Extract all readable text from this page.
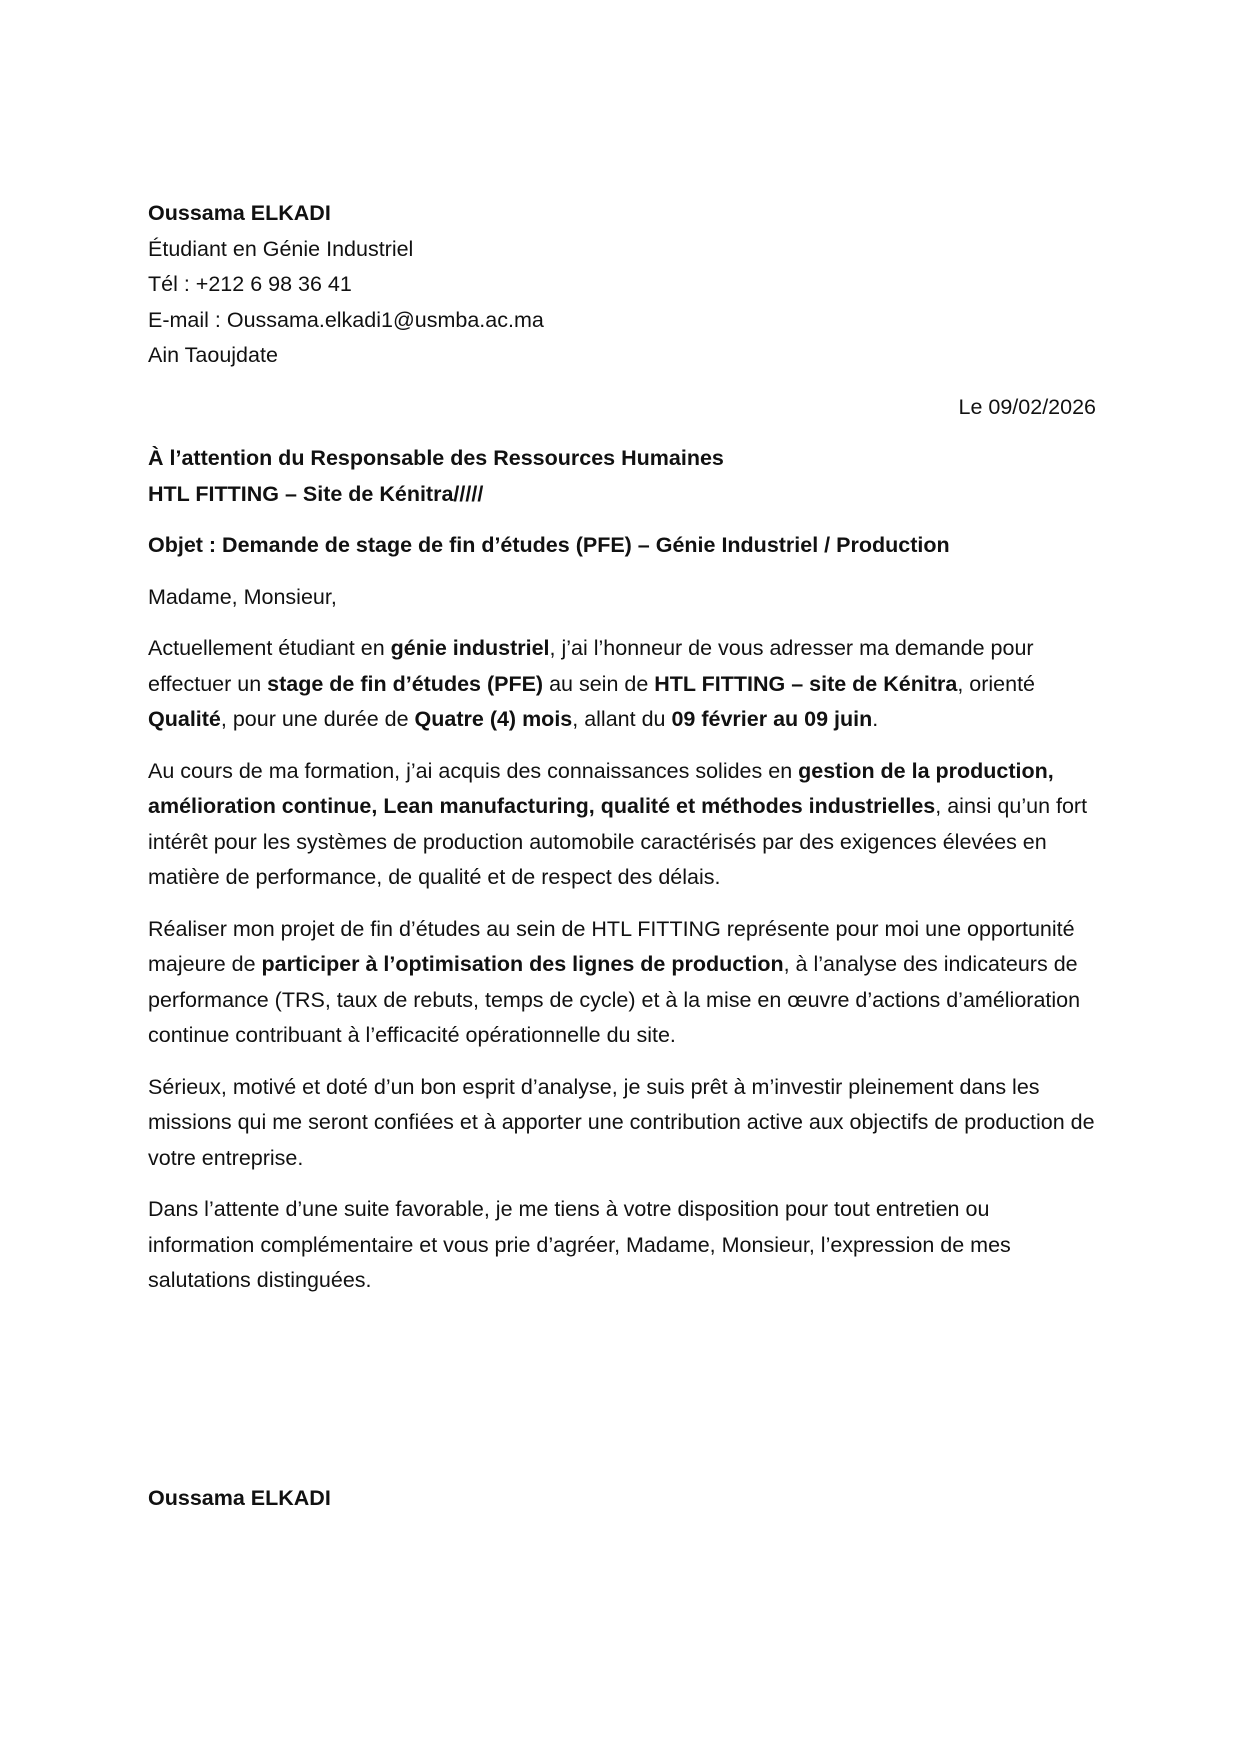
Oussama ELKADI
Étudiant en Génie Industriel
Tél : +212 6 98 36 41
E-mail : Oussama.elkadi1@usmba.ac.ma
Ain Taoujdate
Le 09/02/2026
À l’attention du Responsable des Ressources Humaines
HTL FITTING – Site de Kénitra/////
Objet : Demande de stage de fin d’études (PFE) – Génie Industriel / Production
Madame, Monsieur,

Actuellement étudiant en génie industriel, j’ai l’honneur de vous adresser ma demande pour effectuer un stage de fin d’études (PFE) au sein de HTL FITTING – site de Kénitra, orienté Qualité, pour une durée de Quatre (4) mois, allant du 09 février au 09 juin.

Au cours de ma formation, j’ai acquis des connaissances solides en gestion de la production, amélioration continue, Lean manufacturing, qualité et méthodes industrielles, ainsi qu’un fort intérêt pour les systèmes de production automobile caractérisés par des exigences élevées en matière de performance, de qualité et de respect des délais.

Réaliser mon projet de fin d’études au sein de HTL FITTING représente pour moi une opportunité majeure de participer à l’optimisation des lignes de production, à l’analyse des indicateurs de performance (TRS, taux de rebuts, temps de cycle) et à la mise en œuvre d’actions d’amélioration continue contribuant à l’efficacité opérationnelle du site.

Sérieux, motivé et doté d’un bon esprit d’analyse, je suis prêt à m’investir pleinement dans les missions qui me seront confiées et à apporter une contribution active aux objectifs de production de votre entreprise.

Dans l’attente d’une suite favorable, je me tiens à votre disposition pour tout entretien ou information complémentaire et vous prie d’agréer, Madame, Monsieur, l’expression de mes salutations distinguées.

Oussama ELKADI
